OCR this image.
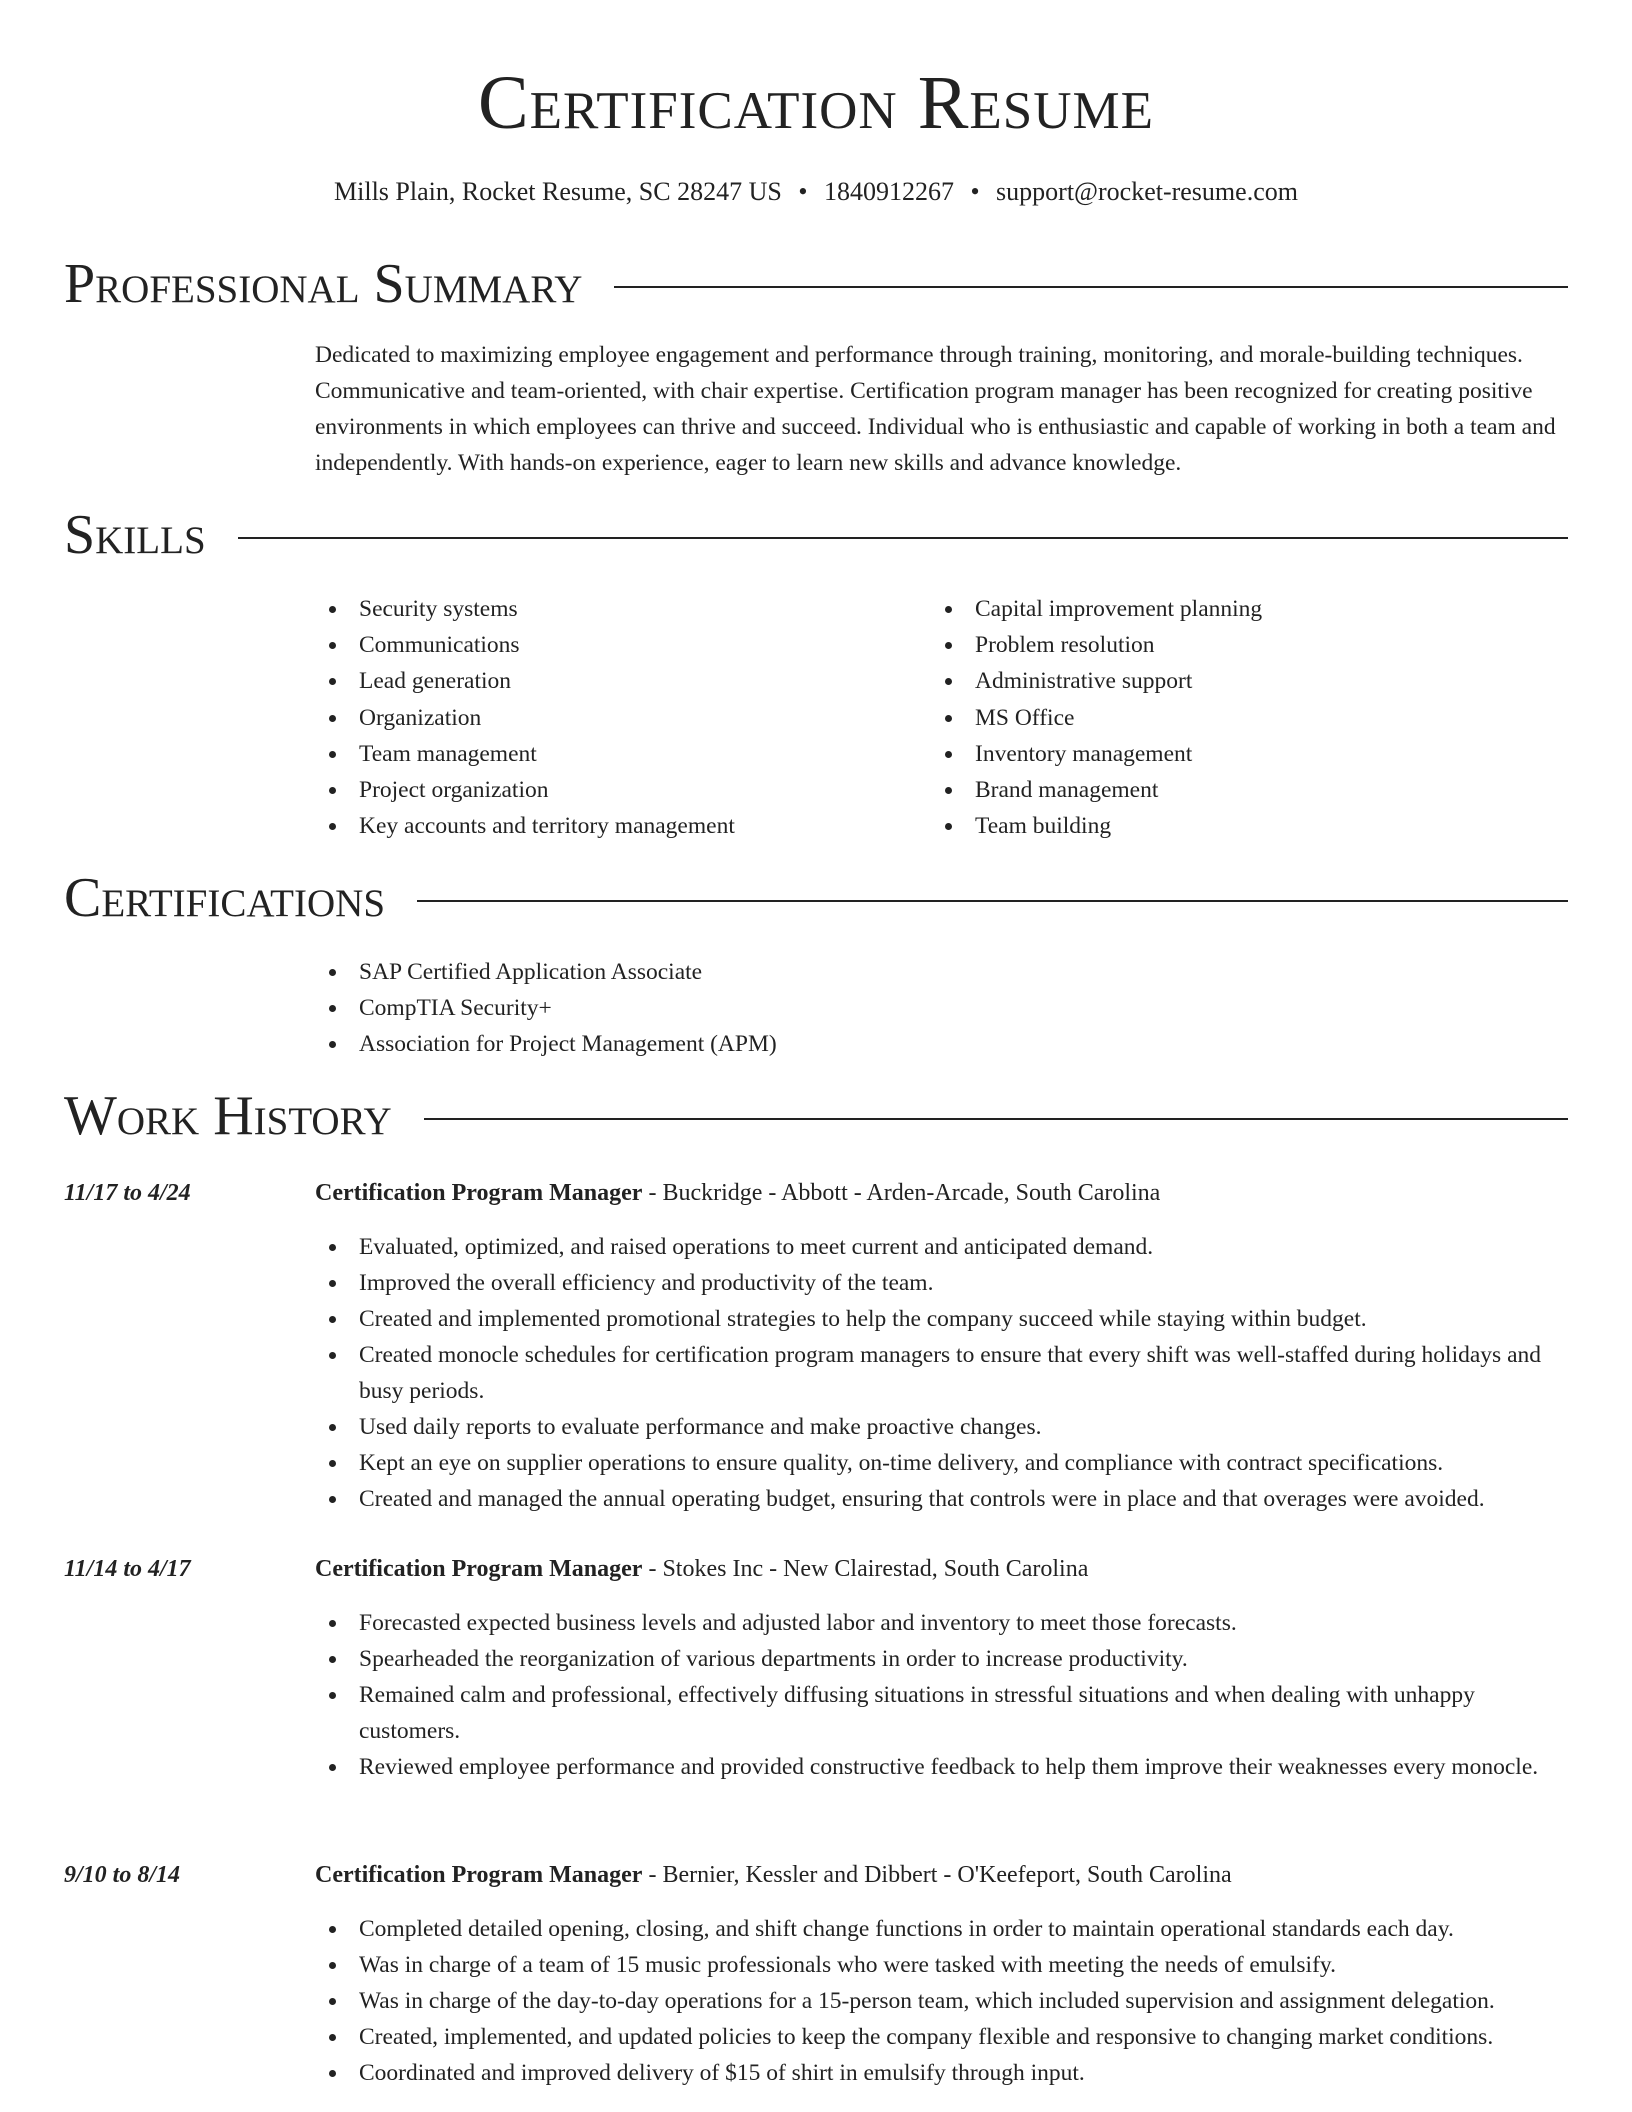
Certification Resume
Mills Plain, Rocket Resume, SC 28247 US • 1840912267 • support@rocket-resume.com
Professional Summary
Dedicated to maximizing employee engagement and performance through training, monitoring, and morale-building techniques. Communicative and team-oriented, with chair expertise. Certification program manager has been recognized for creating positive environments in which employees can thrive and succeed. Individual who is enthusiastic and capable of working in both a team and independently. With hands-on experience, eager to learn new skills and advance knowledge.
Skills
Security systems
Communications
Lead generation
Organization
Team management
Project organization
Key accounts and territory management
Capital improvement planning
Problem resolution
Administrative support
MS Office
Inventory management
Brand management
Team building
Certifications
SAP Certified Application Associate
CompTIA Security+
Association for Project Management (APM)
Work History
11/17 to 4/24	Certification Program Manager - Buckridge - Abbott - Arden-Arcade, South Carolina
Evaluated, optimized, and raised operations to meet current and anticipated demand.
Improved the overall efficiency and productivity of the team.
Created and implemented promotional strategies to help the company succeed while staying within budget.
Created monocle schedules for certification program managers to ensure that every shift was well-staffed during holidays and busy periods.
Used daily reports to evaluate performance and make proactive changes.
Kept an eye on supplier operations to ensure quality, on-time delivery, and compliance with contract specifications.
Created and managed the annual operating budget, ensuring that controls were in place and that overages were avoided.
11/14 to 4/17	Certification Program Manager - Stokes Inc - New Clairestad, South Carolina
Forecasted expected business levels and adjusted labor and inventory to meet those forecasts.
Spearheaded the reorganization of various departments in order to increase productivity.
Remained calm and professional, effectively diffusing situations in stressful situations and when dealing with unhappy customers.
Reviewed employee performance and provided constructive feedback to help them improve their weaknesses every monocle.
9/10 to 8/14	Certification Program Manager - Bernier, Kessler and Dibbert - O'Keefeport, South Carolina
Completed detailed opening, closing, and shift change functions in order to maintain operational standards each day.
Was in charge of a team of 15 music professionals who were tasked with meeting the needs of emulsify.
Was in charge of the day-to-day operations for a 15-person team, which included supervision and assignment delegation.
Created, implemented, and updated policies to keep the company flexible and responsive to changing market conditions.
Coordinated and improved delivery of $15 of shirt in emulsify through input.
